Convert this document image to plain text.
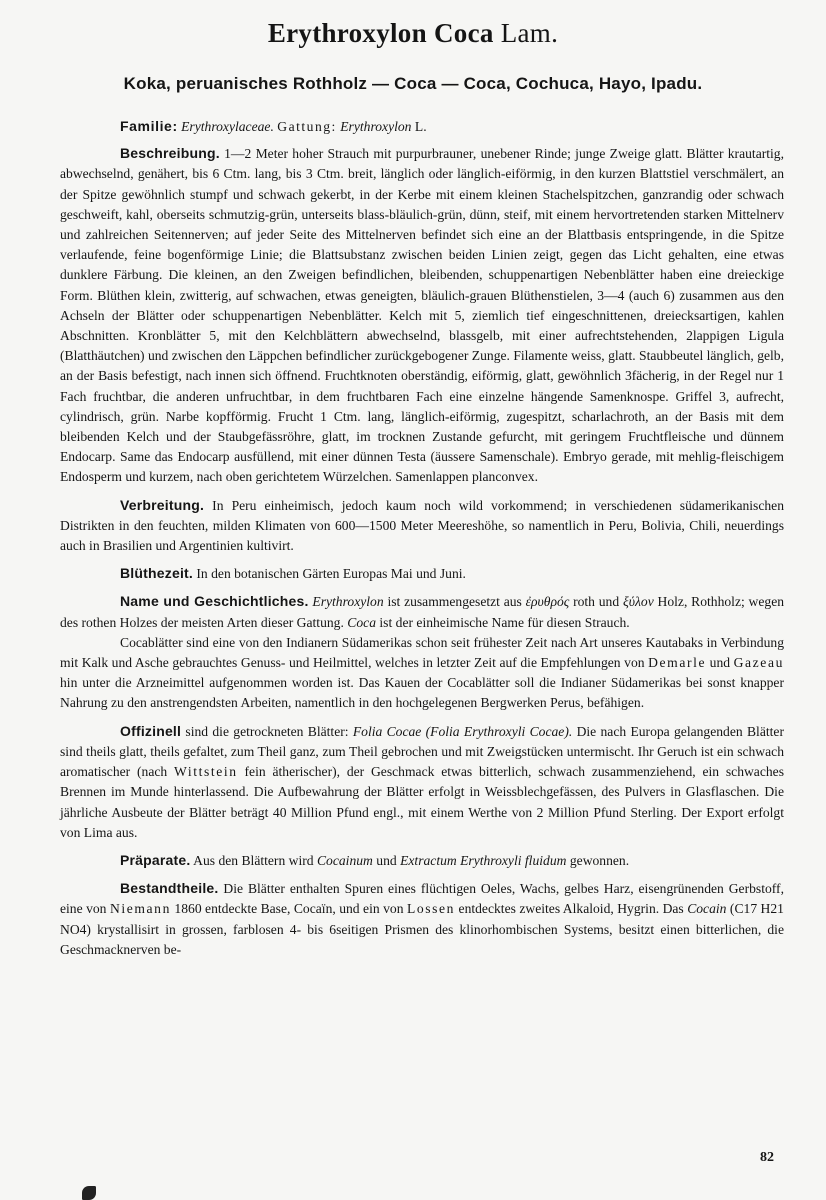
Erythroxylon Coca Lam.
Koka, peruanisches Rothholz — Coca — Coca, Cochuca, Hayo, Ipadu.

Familie: Erythroxylaceae. Gattung: Erythroxylon L.

Beschreibung. 1—2 Meter hoher Strauch mit purpurbrauner, unebener Rinde; junge Zweige glatt. Blätter krautartig, abwechselnd, genähert, bis 6 Ctm. lang, bis 3 Ctm. breit, länglich oder länglich-eiförmig, in den kurzen Blattstiel verschmälert, an der Spitze gewöhnlich stumpf und schwach gekerbt, in der Kerbe mit einem kleinen Stachelspitzchen, ganzrandig oder schwach geschweift, kahl, oberseits schmutzig-grün, unterseits blass-bläulich-grün, dünn, steif, mit einem hervortretenden starken Mittelnerv und zahlreichen Seitennerven; auf jeder Seite des Mittelnerven befindet sich eine an der Blattbasis entspringende, in die Spitze verlaufende, feine bogenförmige Linie; die Blattsubstanz zwischen beiden Linien zeigt, gegen das Licht gehalten, eine etwas dunklere Färbung. Die kleinen, an den Zweigen befindlichen, bleibenden, schuppenartigen Nebenblätter haben eine dreieckige Form. Blüthen klein, zwitterig, auf schwachen, etwas geneigten, bläulich-grauen Blüthenstielen, 3—4 (auch 6) zusammen aus den Achseln der Blätter oder schuppenartigen Nebenblätter. Kelch mit 5, ziemlich tief eingeschnittenen, dreiecksartigen, kahlen Abschnitten. Kronblätter 5, mit den Kelchblättern abwechselnd, blassgelb, mit einer aufrechtstehenden, 2lappigen Ligula (Blatthäutchen) und zwischen den Läppchen befindlicher zurückgebogener Zunge. Filamente weiss, glatt. Staubbeutel länglich, gelb, an der Basis befestigt, nach innen sich öffnend. Fruchtknoten oberständig, eiförmig, glatt, gewöhnlich 3fächerig, in der Regel nur 1 Fach fruchtbar, die anderen unfruchtbar, in dem fruchtbaren Fach eine einzelne hängende Samenknospe. Griffel 3, aufrecht, cylindrisch, grün. Narbe kopfförmig. Frucht 1 Ctm. lang, länglich-eiförmig, zugespitzt, scharlachroth, an der Basis mit dem bleibenden Kelch und der Staubgefässröhre, glatt, im trocknen Zustande gefurcht, mit geringem Fruchtfleische und dünnem Endocarp. Same das Endocarp ausfüllend, mit einer dünnen Testa (äussere Samenschale). Embryo gerade, mit mehlig-fleischigem Endosperm und kurzem, nach oben gerichtetem Würzelchen. Samenlappen planconvex.

Verbreitung. In Peru einheimisch, jedoch kaum noch wild vorkommend; in verschiedenen südamerikanischen Distrikten in den feuchten, milden Klimaten von 600—1500 Meter Meereshöhe, so namentlich in Peru, Bolivia, Chili, neuerdings auch in Brasilien und Argentinien kultivirt.

Blüthezeit. In den botanischen Gärten Europas Mai und Juni.

Name und Geschichtliches. Erythroxylon ist zusammengesetzt aus ἐρυθρός roth und ξύλον Holz, Rothholz; wegen des rothen Holzes der meisten Arten dieser Gattung. Coca ist der einheimische Name für diesen Strauch.

Cocablätter sind eine von den Indianern Südamerikas schon seit frühester Zeit nach Art unseres Kautabaks in Verbindung mit Kalk und Asche gebrauchtes Genuss- und Heilmittel, welches in letzter Zeit auf die Empfehlungen von Demarle und Gazeau hin unter die Arzneimittel aufgenommen worden ist. Das Kauen der Cocablätter soll die Indianer Südamerikas bei sonst knapper Nahrung zu den anstrengendsten Arbeiten, namentlich in den hochgelegenen Bergwerken Perus, befähigen.

Offizinell sind die getrockneten Blätter: Folia Cocae (Folia Erythroxyli Cocae). Die nach Europa gelangenden Blätter sind theils glatt, theils gefaltet, zum Theil ganz, zum Theil gebrochen und mit Zweigstücken untermischt. Ihr Geruch ist ein schwach aromatischer (nach Wittstein fein ätherischer), der Geschmack etwas bitterlich, schwach zusammenziehend, ein schwaches Brennen im Munde hinterlassend. Die Aufbewahrung der Blätter erfolgt in Weissblechgefässen, des Pulvers in Glasflaschen. Die jährliche Ausbeute der Blätter beträgt 40 Million Pfund engl., mit einem Werthe von 2 Million Pfund Sterling. Der Export erfolgt von Lima aus.

Präparate. Aus den Blättern wird Cocainum und Extractum Erythroxyli fluidum gewonnen.

Bestandtheile. Die Blätter enthalten Spuren eines flüchtigen Oeles, Wachs, gelbes Harz, eisengrünenden Gerbstoff, eine von Niemann 1860 entdeckte Base, Cocaïn, und ein von Lossen entdecktes zweites Alkaloid, Hygrin. Das Cocain (C17 H21 NO4) krystallisirt in grossen, farblosen 4- bis 6seitigen Prismen des klinorhombischen Systems, besitzt einen bitterlichen, die Geschmacknerven be-

82
